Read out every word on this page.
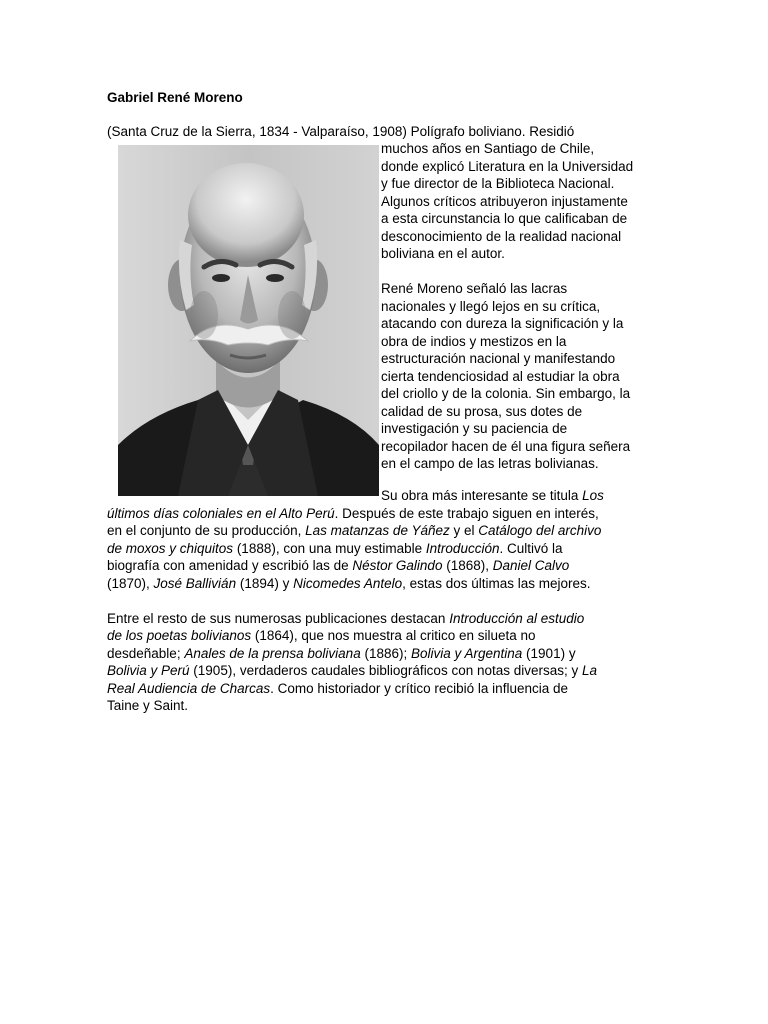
Gabriel René Moreno
(Santa Cruz de la Sierra, 1834 - Valparaíso, 1908) Polígrafo boliviano. Residió

muchos años en Santiago de Chile,
donde explicó Literatura en la Universidad
y fue director de la Biblioteca Nacional.
Algunos críticos atribuyeron injustamente
a esta circunstancia lo que calificaban de
desconocimiento de la realidad nacional
boliviana en el autor.

René Moreno señaló las lacras
nacionales y llegó lejos en su crítica,
atacando con dureza la significación y la
obra de indios y mestizos en la
estructuración nacional y manifestando
cierta tendenciosidad al estudiar la obra
del criollo y de la colonia. Sin embargo, la
calidad de su prosa, sus dotes de
investigación y su paciencia de
recopilador hacen de él una figura señera
en el campo de las letras bolivianas.

Su obra más interesante se titula Los
últimos días coloniales en el Alto Perú. Después de este trabajo siguen en interés,
en el conjunto de su producción, Las matanzas de Yáñez y el Catálogo del archivo
de moxos y chiquitos (1888), con una muy estimable Introducción. Cultivó la
biografía con amenidad y escribió las de Néstor Galindo (1868), Daniel Calvo
(1870), José Ballivián (1894) y Nicomedes Antelo, estas dos últimas las mejores.

Entre el resto de sus numerosas publicaciones destacan Introducción al estudio
de los poetas bolivianos (1864), que nos muestra al critico en silueta no
desdeñable; Anales de la prensa boliviana (1886); Bolivia y Argentina (1901) y
Bolivia y Perú (1905), verdaderos caudales bibliográficos con notas diversas; y La
Real Audiencia de Charcas. Como historiador y crítico recibió la influencia de
Taine y Saint.
